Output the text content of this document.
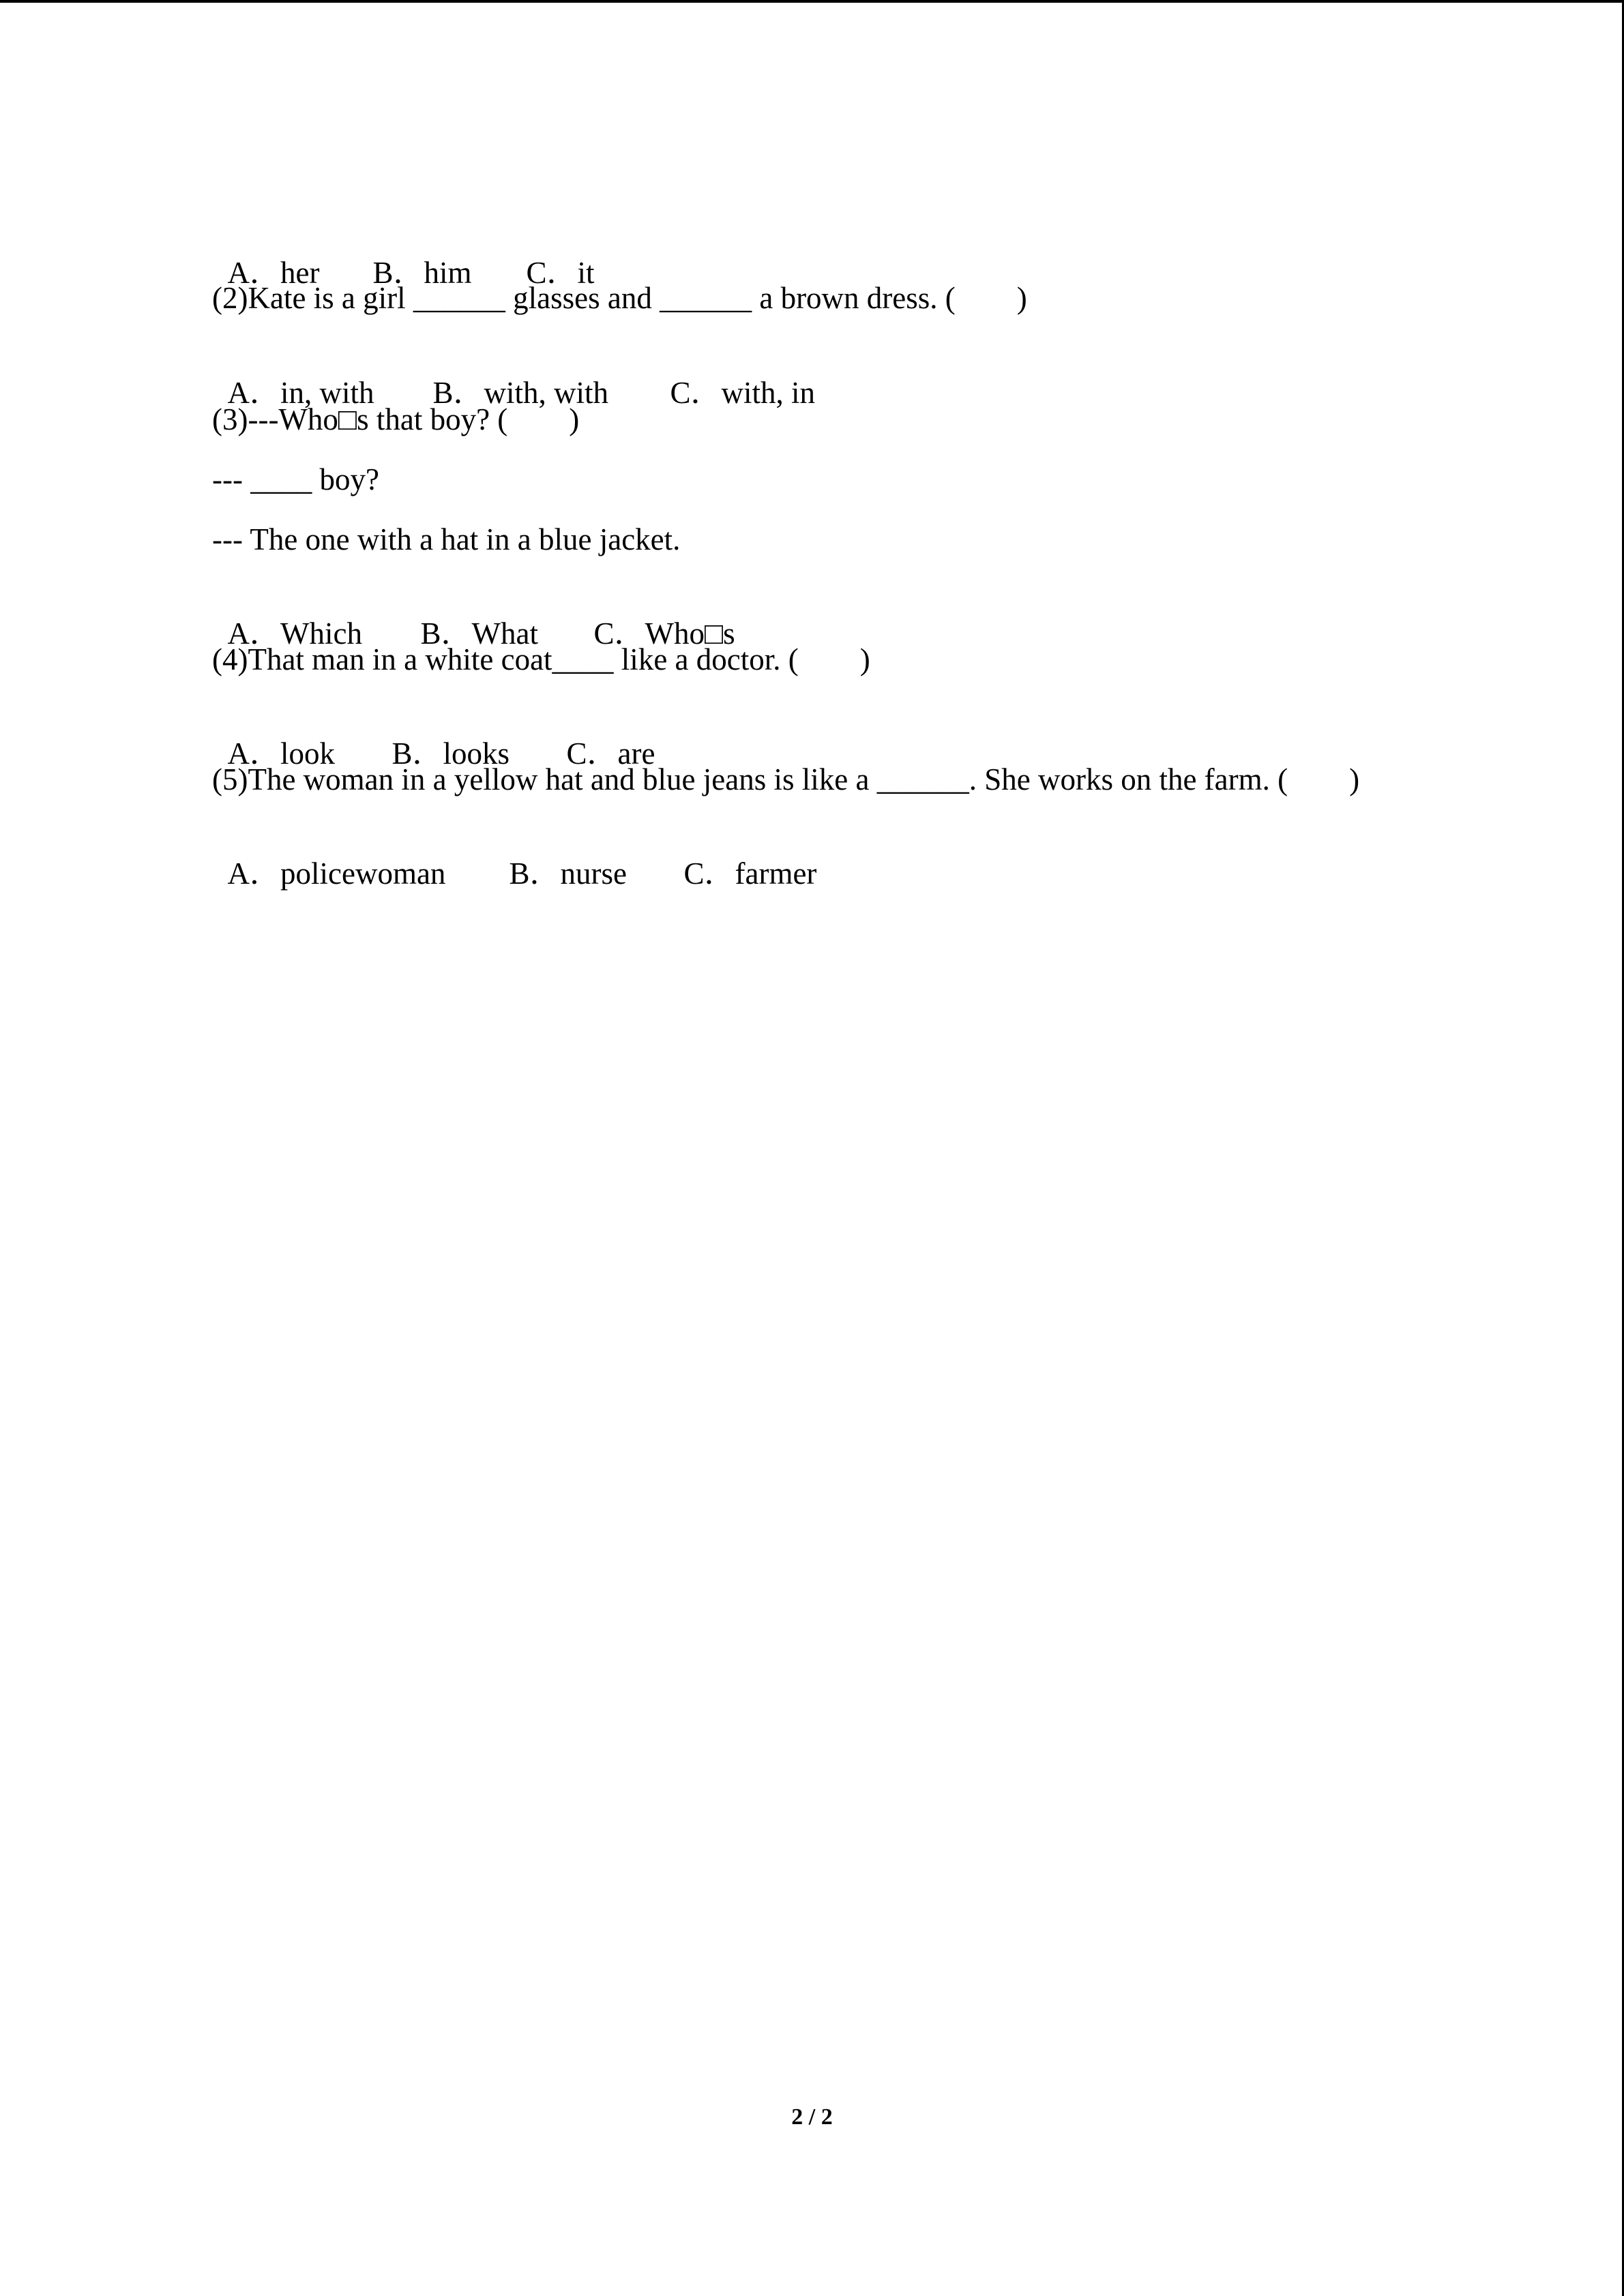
A．her B．him C．it

(2)Kate is a girl ______ glasses and ______ a brown dress. (　　)

A．in, with B．with, with C．with, in

(3)---Who□s that boy? (　　)
--- ____ boy?
--- The one with a hat in a blue jacket.

A．Which B．What C．Who□s

(4)That man in a white coat____ like a doctor. (　　)

A．look B．looks C．are

(5)The woman in a yellow hat and blue jeans is like a ______. She works on the farm. (　　)

A．policewoman B．nurse C．farmer

2 / 2
